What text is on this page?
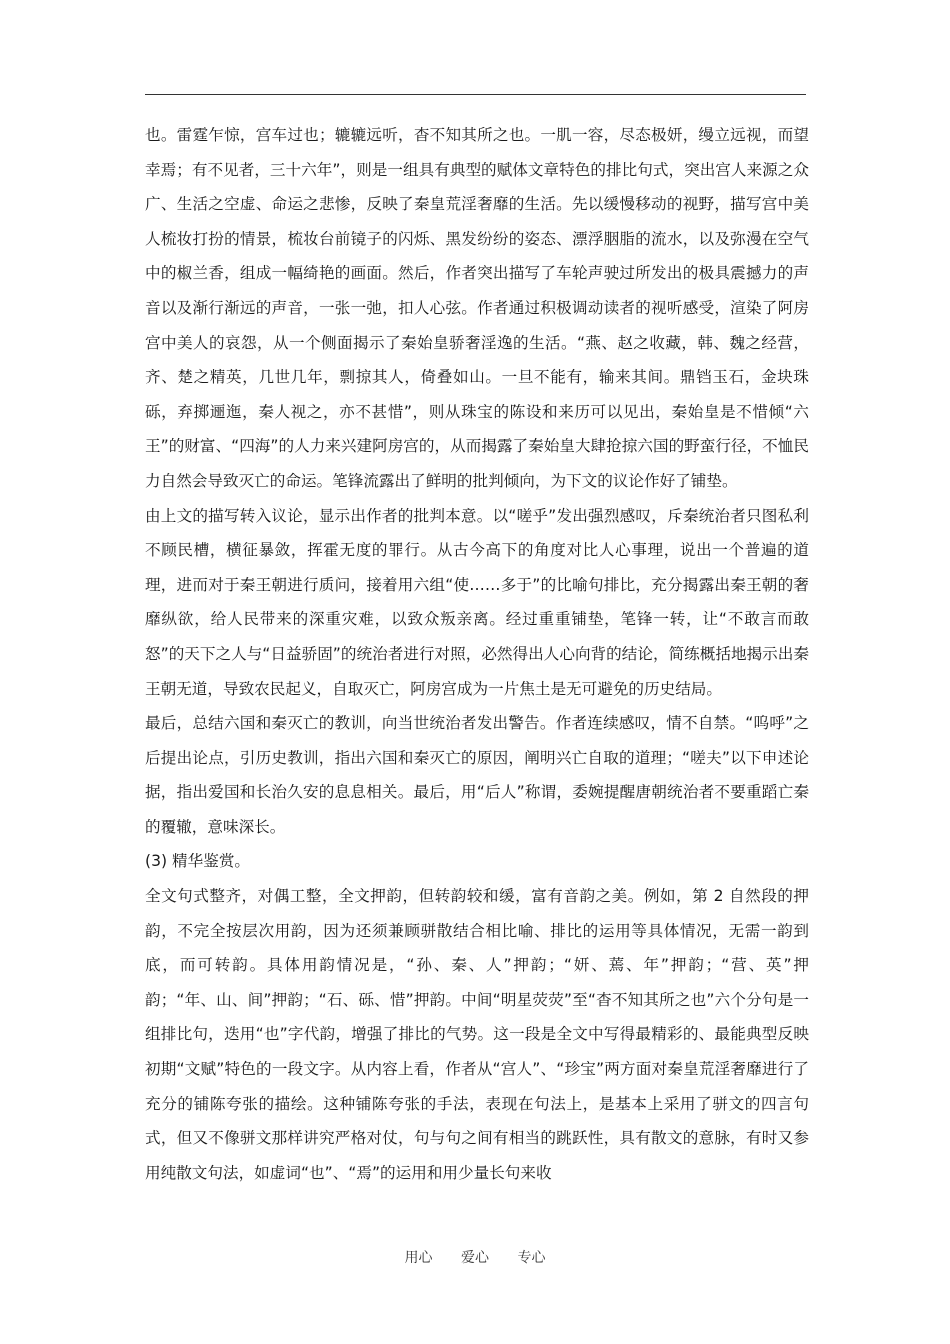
也。雷霆乍惊，宫车过也；辘辘远听，杳不知其所之也。一肌一容，尽态极妍，缦立远视，而望幸焉；有不见者，三十六年”，则是一组具有典型的赋体文章特色的排比句式，突出宫人来源之众广、生活之空虚、命运之悲惨，反映了秦皇荒淫奢靡的生活。先以缓慢移动的视野，描写宫中美人梳妆打扮的情景，梳妆台前镜子的闪烁、黑发纷纷的姿态、漂浮胭脂的流水，以及弥漫在空气中的椒兰香，组成一幅绮艳的画面。然后，作者突出描写了车轮声驶过所发出的极具震撼力的声音以及渐行渐远的声音，一张一弛，扣人心弦。作者通过积极调动读者的视听感受，渲染了阿房宫中美人的哀怨，从一个侧面揭示了秦始皇骄奢淫逸的生活。“燕、赵之收藏，韩、魏之经营，齐、楚之精英，几世几年，剽掠其人，倚叠如山。一旦不能有，输来其间。鼎铛玉石，金块珠砾，弃掷逦迤，秦人视之，亦不甚惜”，则从珠宝的陈设和来历可以见出，秦始皇是不惜倾“六王”的财富、“四海”的人力来兴建阿房宫的，从而揭露了秦始皇大肆抢掠六国的野蛮行径，不恤民力自然会导致灭亡的命运。笔锋流露出了鲜明的批判倾向，为下文的议论作好了铺垫。

由上文的描写转入议论，显示出作者的批判本意。以“嗟乎”发出强烈感叹，斥秦统治者只图私利不顾民槽，横征暴敛，挥霍无度的罪行。从古今高下的角度对比人心事理，说出一个普遍的道理，进而对于秦王朝进行质问，接着用六组“使……多于”的比喻句排比，充分揭露出秦王朝的奢靡纵欲，给人民带来的深重灾难，以致众叛亲离。经过重重铺垫，笔锋一转，让“不敢言而敢怒”的天下之人与“日益骄固”的统治者进行对照，必然得出人心向背的结论，简练概括地揭示出秦王朝无道，导致农民起义，自取灭亡，阿房宫成为一片焦土是无可避免的历史结局。

最后，总结六国和秦灭亡的教训，向当世统治者发出警告。作者连续感叹，情不自禁。“呜呼”之后提出论点，引历史教训，指出六国和秦灭亡的原因，阐明兴亡自取的道理；“嗟夫”以下申述论据，指出爱国和长治久安的息息相关。最后，用“后人”称谓，委婉提醒唐朝统治者不要重蹈亡秦的覆辙，意味深长。

(3) 精华鉴赏。

全文句式整齐，对偶工整，全文押韵，但转韵较和缓，富有音韵之美。例如，第 2 自然段的押韵，不完全按层次用韵，因为还须兼顾骈散结合相比喻、排比的运用等具体情况，无需一韵到底，而可转韵。具体用韵情况是，“孙、秦、人”押韵；“妍、蔫、年”押韵；“营、英”押韵；“年、山、间”押韵；“石、砾、惜”押韵。中间“明星荧荧”至“杳不知其所之也”六个分句是一组排比句，迭用“也”字代韵，增强了排比的气势。这一段是全文中写得最精彩的、最能典型反映初期“文赋”特色的一段文字。从内容上看，作者从“宫人”、“珍宝”两方面对秦皇荒淫奢靡进行了充分的铺陈夸张的描绘。这种铺陈夸张的手法，表现在句法上，是基本上采用了骈文的四言句式，但又不像骈文那样讲究严格对仗，句与句之间有相当的跳跃性，具有散文的意脉，有时又参用纯散文句法，如虚词“也”、“焉”的运用和用少量长句来收

用心 爱心 专心
